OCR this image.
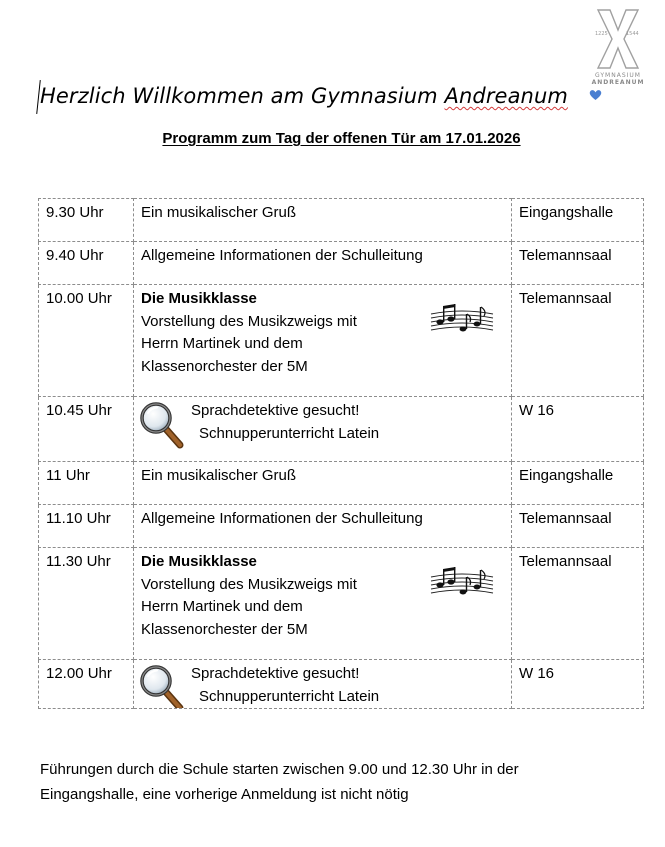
1225	1544
GYMNASIUM
ANDREANUM
Herzlich Willkommen am Gymnasium Andreanum
Programm zum Tag der offenen Tür am 17.01.2026
9.30 Uhr	Ein musikalischer Gruß	Eingangshalle
9.40 Uhr	Allgemeine Informationen der Schulleitung	Telemannsaal
10.00 Uhr	Die Musikklasse
Vorstellung des Musikzweigs mit
Herrn Martinek und dem
Klassenorchester der 5M	Telemannsaal
10.45 Uhr	Sprachdetektive gesucht!
Schnupperunterricht Latein	W 16
11 Uhr	Ein musikalischer Gruß	Eingangshalle
11.10 Uhr	Allgemeine Informationen der Schulleitung	Telemannsaal
11.30 Uhr	Die Musikklasse
Vorstellung des Musikzweigs mit
Herrn Martinek und dem
Klassenorchester der 5M	Telemannsaal
12.00 Uhr	Sprachdetektive gesucht!
Schnupperunterricht Latein	W 16
Führungen durch die Schule starten zwischen 9.00 und 12.30 Uhr in der Eingangshalle, eine vorherige Anmeldung ist nicht nötig
